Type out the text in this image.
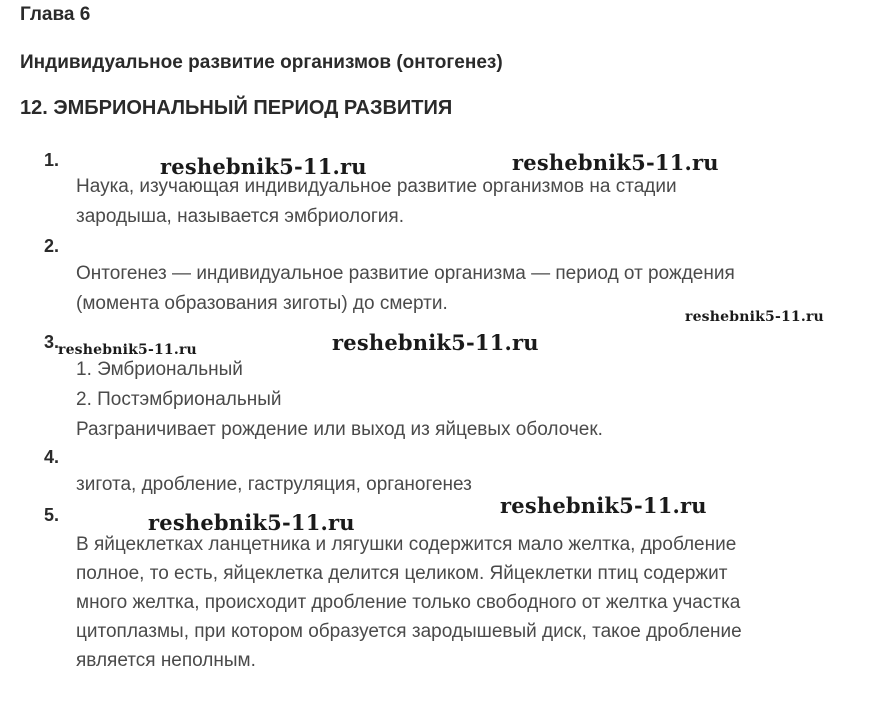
Глава 6
Индивидуальное развитие организмов (онтогенез)
12. ЭМБРИОНАЛЬНЫЙ ПЕРИОД РАЗВИТИЯ
1.
Наука, изучающая индивидуальное развитие организмов на стадии
зародыша, называется эмбриология.
2.
Онтогенез — индивидуальное развитие организма — период от рождения
(момента образования зиготы) до смерти.
3.
1. Эмбриональный
2. Постэмбриональный
Разграничивает рождение или выход из яйцевых оболочек.
4.
зигота, дробление, гаструляция, органогенез
5.
В яйцеклетках ланцетника и лягушки содержится мало желтка, дробление
полное, то есть, яйцеклетка делится целиком. Яйцеклетки птиц содержит
много желтка, происходит дробление только свободного от желтка участка
цитоплазмы, при котором образуется зародышевый диск, такое дробление
является неполным.
reshebnik5-11.ru	reshebnik5-11.ru
reshebnik5-11.ru
reshebnik5-11.ru	reshebnik5-11.ru
reshebnik5-11.ru
reshebnik5-11.ru
